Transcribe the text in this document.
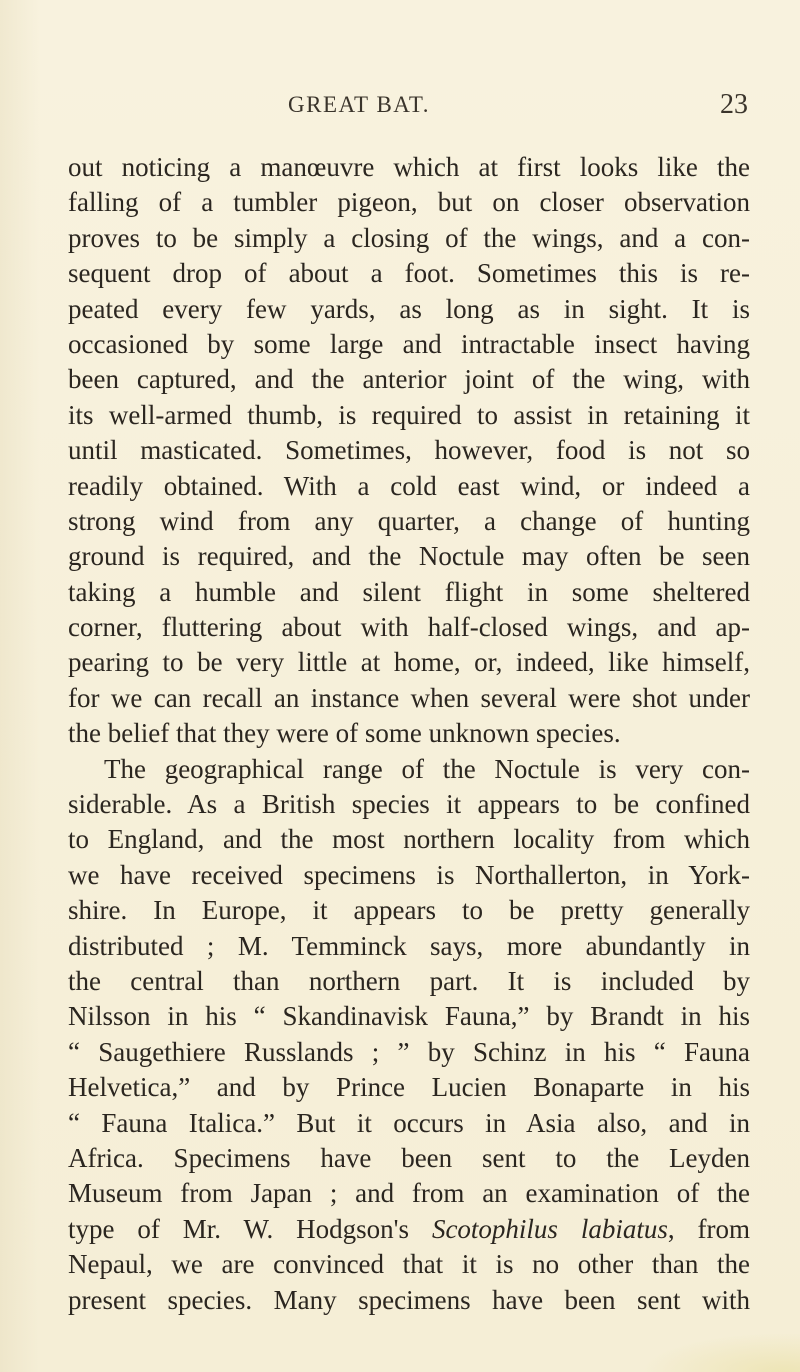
GREAT BAT.	23
out noticing a manœuvre which at first looks like the
falling of a tumbler pigeon, but on closer observation
proves to be simply a closing of the wings, and a con-
sequent drop of about a foot. Sometimes this is re-
peated every few yards, as long as in sight. It is
occasioned by some large and intractable insect having
been captured, and the anterior joint of the wing, with
its well-armed thumb, is required to assist in retaining it
until masticated. Sometimes, however, food is not so
readily obtained. With a cold east wind, or indeed a
strong wind from any quarter, a change of hunting
ground is required, and the Noctule may often be seen
taking a humble and silent flight in some sheltered
corner, fluttering about with half-closed wings, and ap-
pearing to be very little at home, or, indeed, like himself,
for we can recall an instance when several were shot under
the belief that they were of some unknown species.
The geographical range of the Noctule is very con-
siderable. As a British species it appears to be confined
to England, and the most northern locality from which
we have received specimens is Northallerton, in York-
shire. In Europe, it appears to be pretty generally
distributed ; M. Temminck says, more abundantly in
the central than northern part. It is included by
Nilsson in his “ Skandinavisk Fauna,” by Brandt in his
“ Saugethiere Russlands ; ” by Schinz in his “ Fauna
Helvetica,” and by Prince Lucien Bonaparte in his
“ Fauna Italica.” But it occurs in Asia also, and in
Africa. Specimens have been sent to the Leyden
Museum from Japan ; and from an examination of the
type of Mr. W. Hodgson's Scotophilus labiatus, from
Nepaul, we are convinced that it is no other than the
present species. Many specimens have been sent with
